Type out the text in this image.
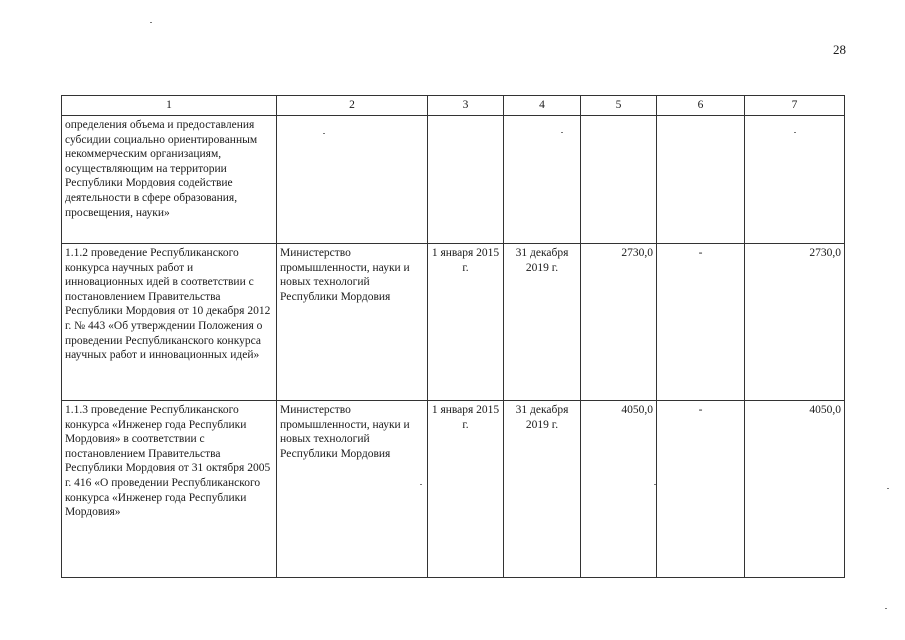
28
1	2	3	4	5	6	7
определения объема и предоставления субсидии социально ориентированным некоммерческим организациям, осуществляющим на территории Республики Мордовия содействие деятельности в сфере образования, просвещения, науки»						
1.1.2 проведение Республиканского конкурса научных работ и инновационных идей в соответствии с постановлением Правительства Республики Мордовия от 10 декабря 2012 г. № 443 «Об утверждении Положения о проведении Республиканского конкурса научных работ и инновационных идей»	Министерство промышленности, науки и новых технологий Республики Мордовия	1 января 2015 г.	31 декабря 2019 г.	2730,0	-	2730,0
1.1.3 проведение Республиканского конкурса «Инженер года Республики Мордовия» в соответствии с постановлением Правительства Республики Мордовия от 31 октября 2005 г. 416 «О проведении Республиканского конкурса «Инженер года Республики Мордовия»	Министерство промышленности, науки и новых технологий Республики Мордовия	1 января 2015 г.	31 декабря 2019 г.	4050,0	-	4050,0
